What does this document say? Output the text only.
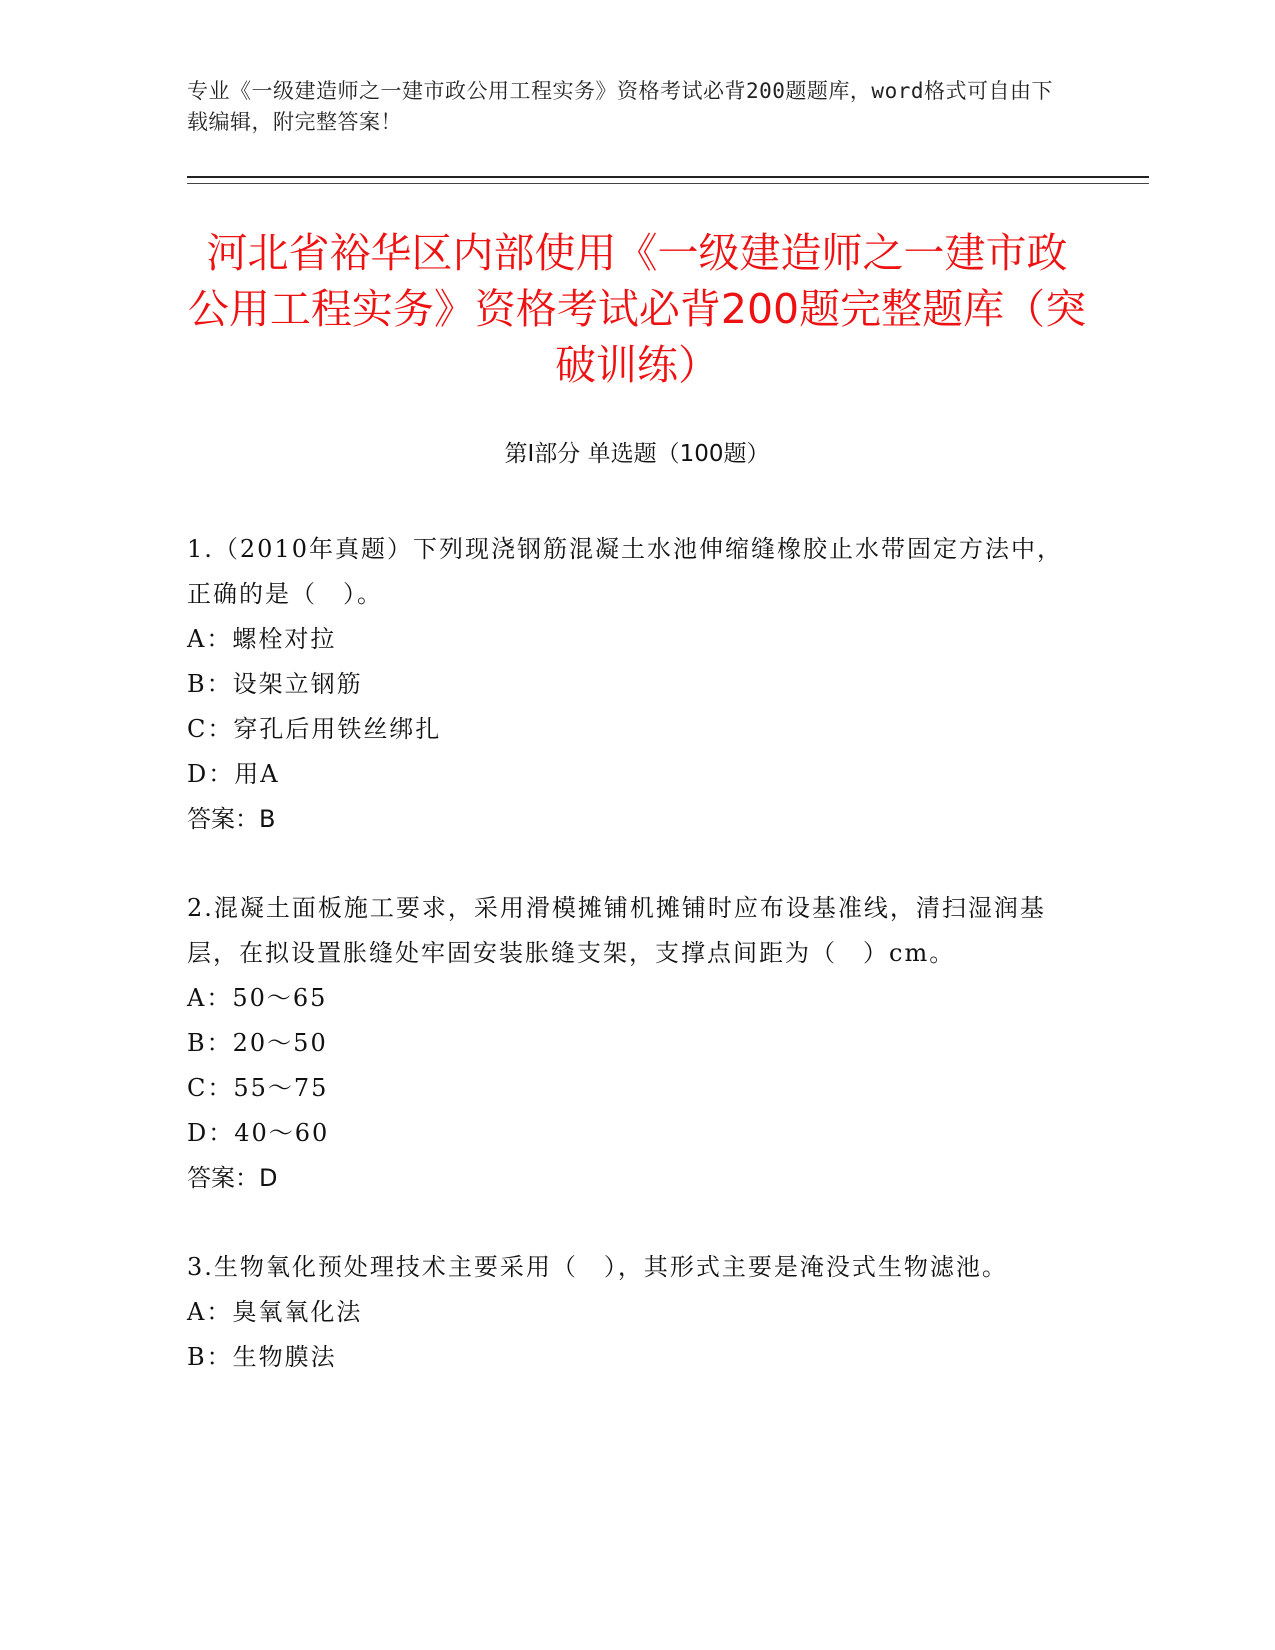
专业《一级建造师之一建市政公用工程实务》资格考试必背200题题库，word格式可自由下载编辑，附完整答案！
河北省裕华区内部使用《一级建造师之一建市政公用工程实务》资格考试必背200题完整题库（突破训练）
第Ⅰ部分 单选题（100题）
1.（2010年真题）下列现浇钢筋混凝土水池伸缩缝橡胶止水带固定方法中，正确的是（　）。
A：螺栓对拉
B：设架立钢筋
C：穿孔后用铁丝绑扎
D：用A
答案：B
2.混凝土面板施工要求，采用滑模摊铺机摊铺时应布设基准线，清扫湿润基层，在拟设置胀缝处牢固安装胀缝支架，支撑点间距为（　）cm。
A：50～65
B：20～50
C：55～75
D：40～60
答案：D
3.生物氧化预处理技术主要采用（　），其形式主要是淹没式生物滤池。
A：臭氧氧化法
B：生物膜法
